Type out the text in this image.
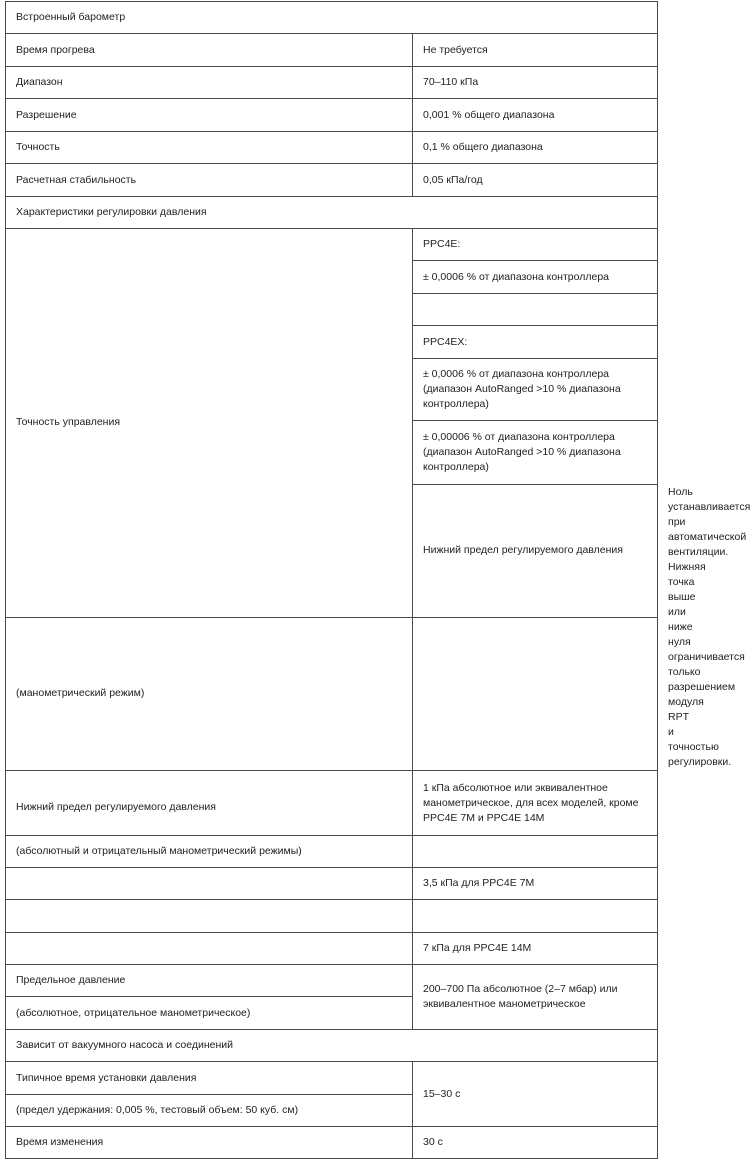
Встроенный барометр		
Время прогрева	Не требуется	
Диапазон	70–110 кПа	
Разрешение	0,001 % общего диапазона	
Точность	0,1 % общего диапазона	
Расчетная стабильность	0,05 кПа/год	
Характеристики регулировки давления		
Точность управления	PPC4E:	
	± 0,0006 % от диапазона контроллера	

	PPC4EX:	
	± 0,0006 % от диапазона контроллера (диапазон AutoRanged >10 % диапазона контроллера)	
	± 0,00006 % от диапазона контроллера (диапазон AutoRanged >10 % диапазона контроллера)	
	Нижний предел регулируемого давления	Ноль устанавливается при автоматической вентиляции. Нижняя точка выше или ниже нуля ограничивается только разрешением модуля RPT и точностью регулировки.
(манометрический режим)		
Нижний предел регулируемого давления	1 кПа абсолютное или эквивалентное манометрическое, для всех моделей, кроме PPC4E 7M и PPC4E 14M	
(абсолютный и отрицательный манометрический режимы)		
	3,5 кПа для PPC4E 7M	

	7 кПа для PPC4E 14M	
Предельное давление	200–700 Па абсолютное (2–7 мбар) или эквивалентное манометрическое	
(абсолютное, отрицательное манометрическое)		
Зависит от вакуумного насоса и соединений		
Типичное время установки давления	15–30 с	
(предел удержания: 0,005 %, тестовый объем: 50 куб. см)		
Время изменения	30 с	
